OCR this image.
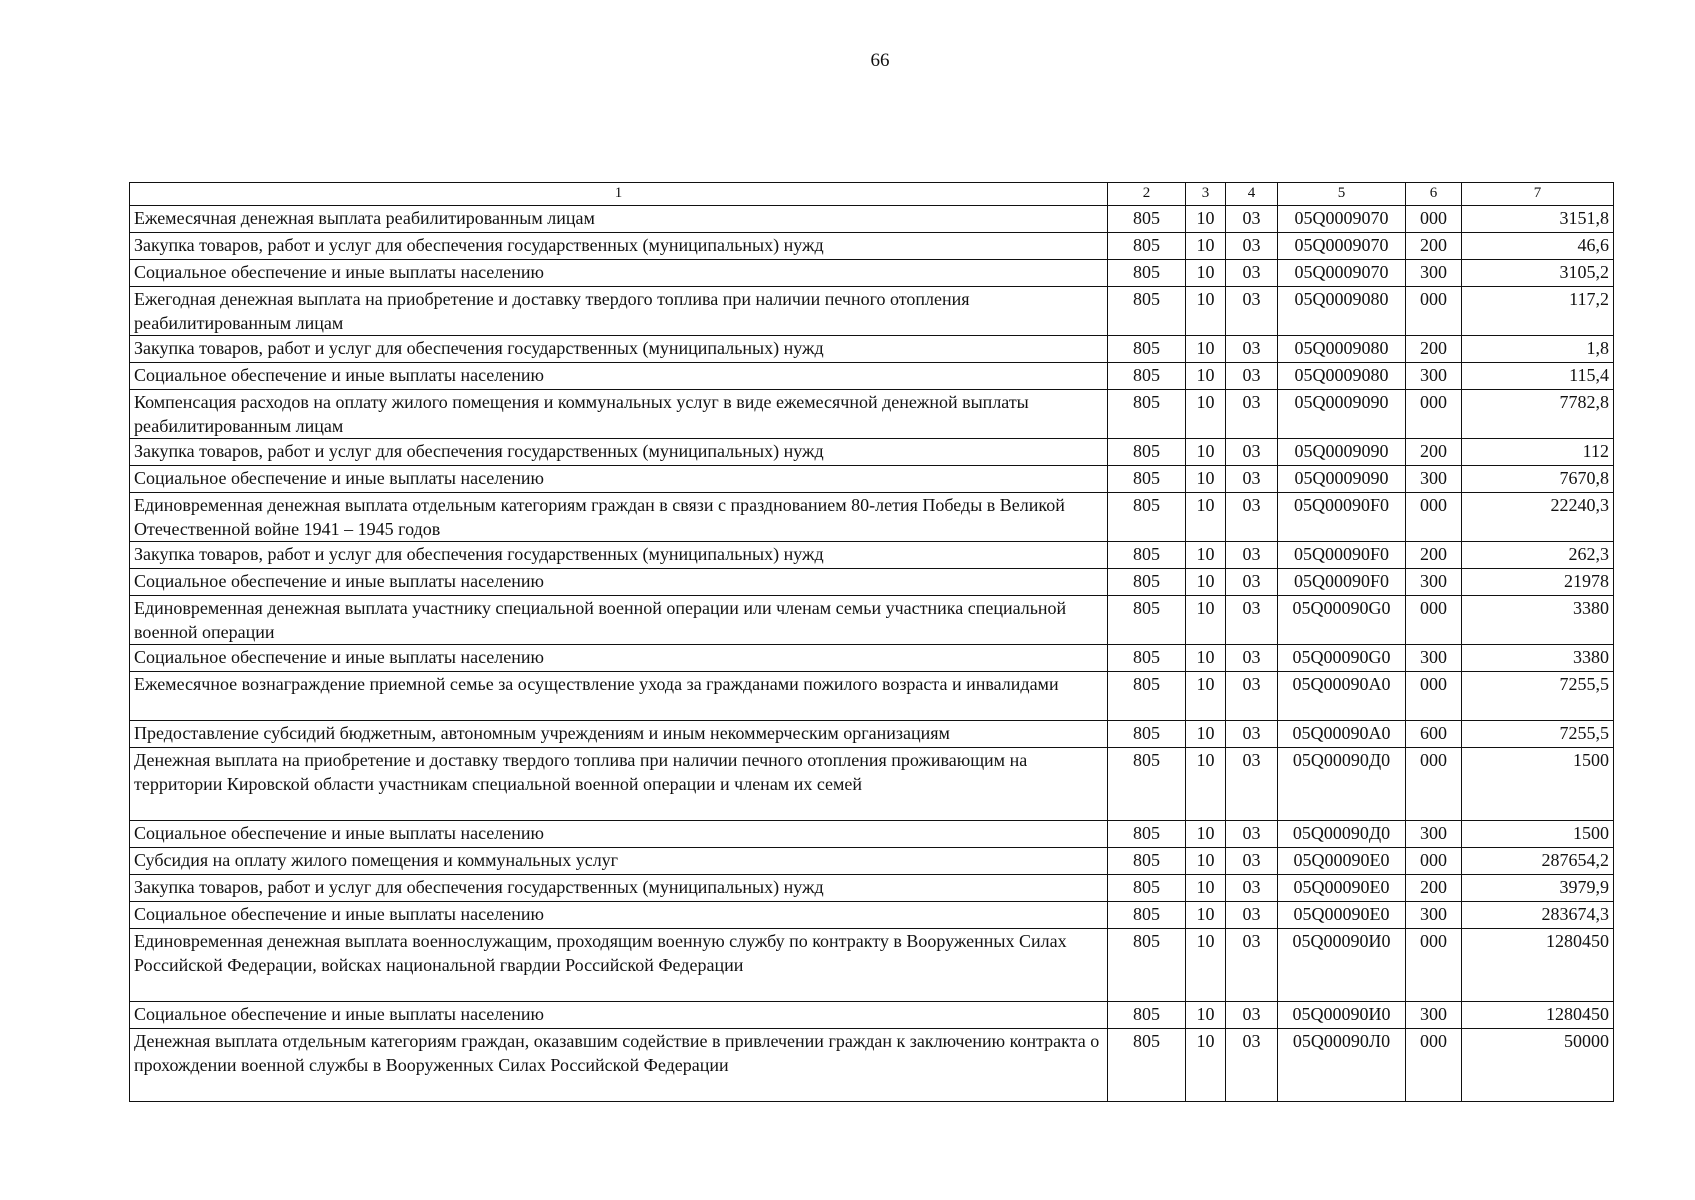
66
1	2	3	4	5	6	7
Ежемесячная денежная выплата реабилитированным лицам	805	10	03	05Q0009070	000	3151,8
Закупка товаров, работ и услуг для обеспечения государственных (муниципальных) нужд	805	10	03	05Q0009070	200	46,6
Социальное обеспечение и иные выплаты населению	805	10	03	05Q0009070	300	3105,2
Ежегодная денежная выплата на приобретение и доставку твердого топлива при наличии печного отопления реабилитированным лицам	805	10	03	05Q0009080	000	117,2
Закупка товаров, работ и услуг для обеспечения государственных (муниципальных) нужд	805	10	03	05Q0009080	200	1,8
Социальное обеспечение и иные выплаты населению	805	10	03	05Q0009080	300	115,4
Компенсация расходов на оплату жилого помещения и коммунальных услуг в виде ежемесячной денежной выплаты реабилитированным лицам	805	10	03	05Q0009090	000	7782,8
Закупка товаров, работ и услуг для обеспечения государственных (муниципальных) нужд	805	10	03	05Q0009090	200	112
Социальное обеспечение и иные выплаты населению	805	10	03	05Q0009090	300	7670,8
Единовременная денежная выплата отдельным категориям граждан в связи с празднованием 80-летия Победы в Великой Отечественной войне 1941 – 1945 годов	805	10	03	05Q00090F0	000	22240,3
Закупка товаров, работ и услуг для обеспечения государственных (муниципальных) нужд	805	10	03	05Q00090F0	200	262,3
Социальное обеспечение и иные выплаты населению	805	10	03	05Q00090F0	300	21978
Единовременная денежная выплата участнику специальной военной операции или членам семьи участника специальной военной операции	805	10	03	05Q00090G0	000	3380
Социальное обеспечение и иные выплаты населению	805	10	03	05Q00090G0	300	3380
Ежемесячное вознаграждение приемной семье за осуществление ухода за гражданами пожилого возраста и инвалидами	805	10	03	05Q00090A0	000	7255,5
Предоставление субсидий бюджетным, автономным учреждениям и иным некоммерческим организациям	805	10	03	05Q00090A0	600	7255,5
Денежная выплата на приобретение и доставку твердого топлива при наличии печного отопления проживающим на территории Кировской области участникам специальной военной операции и членам их семей	805	10	03	05Q00090Д0	000	1500
Социальное обеспечение и иные выплаты населению	805	10	03	05Q00090Д0	300	1500
Субсидия на оплату жилого помещения и коммунальных услуг	805	10	03	05Q00090E0	000	287654,2
Закупка товаров, работ и услуг для обеспечения государственных (муниципальных) нужд	805	10	03	05Q00090E0	200	3979,9
Социальное обеспечение и иные выплаты населению	805	10	03	05Q00090E0	300	283674,3
Единовременная денежная выплата военнослужащим, проходящим военную службу по контракту в Вооруженных Силах Российской Федерации, войсках национальной гвардии Российской Федерации	805	10	03	05Q00090И0	000	1280450
Социальное обеспечение и иные выплаты населению	805	10	03	05Q00090И0	300	1280450
Денежная выплата отдельным категориям граждан, оказавшим содействие в привлечении граждан к заключению контракта о прохождении военной службы в Вооруженных Силах Российской Федерации	805	10	03	05Q00090Л0	000	50000
